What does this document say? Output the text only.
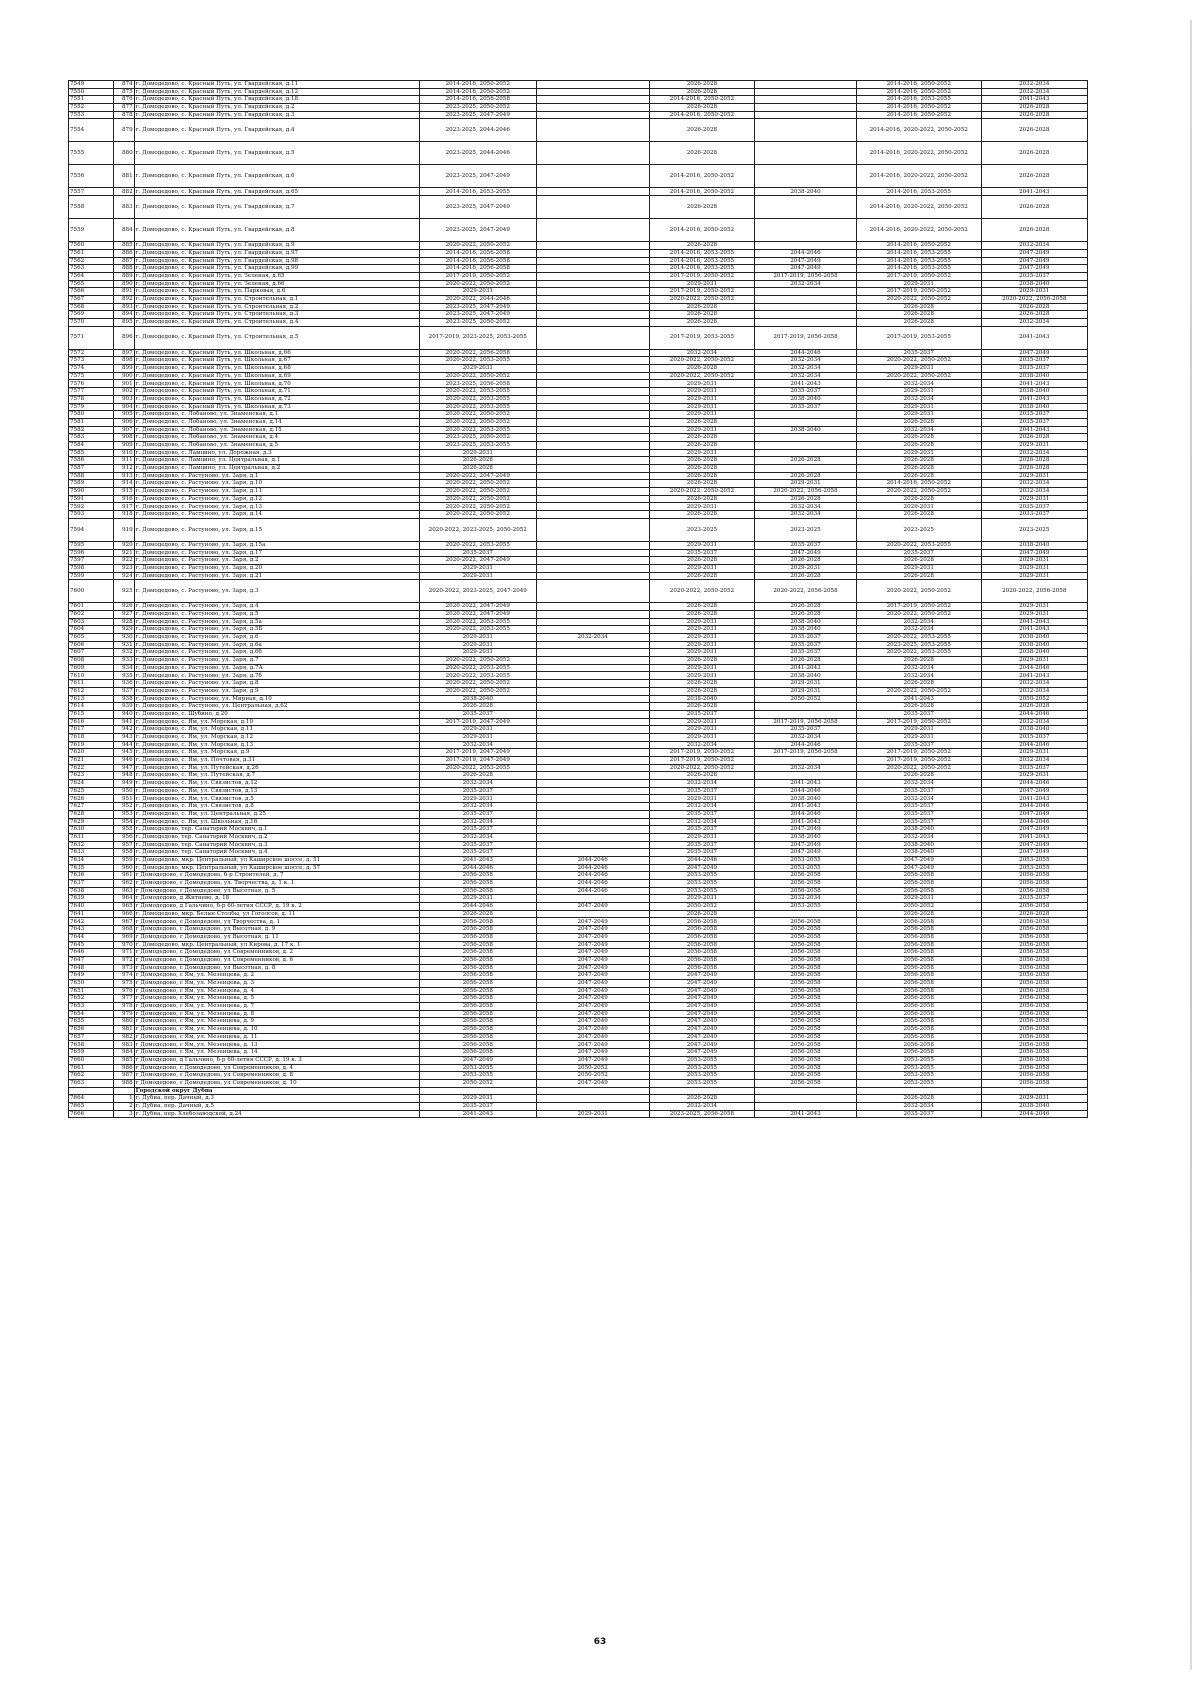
7549	874	г. Домодедово, с. Красный Путь, ул. Гвардейская, д.11	2014-2016, 2050-2052		2026-2028		2014-2016, 2050-2052	2032-2034
7550	875	г. Домодедово, с. Красный Путь, ул. Гвардейская, д.12	2014-2016, 2050-2052		2026-2028		2014-2016, 2050-2052	2032-2034
7551	876	г. Домодедово, с. Красный Путь, ул. Гвардейская, д.18	2014-2016, 2056-2058		2014-2016, 2050-2052		2014-2016, 2053-2055	2041-2043
7552	877	г. Домодедово, с. Красный Путь, ул. Гвардейская, д.2	2023-2025, 2050-2052		2026-2028		2014-2016, 2050-2052	2026-2028
7553	878	г. Домодедово, с. Красный Путь, ул. Гвардейская, д.3	2023-2025, 2047-2049		2014-2016, 2050-2052		2014-2016, 2050-2052	2026-2028
7554	879	г. Домодедово, с. Красный Путь, ул. Гвардейская, д.4	2023-2025, 2044-2046		2026-2028		2014-2016, 2020-2022, 2050-2052	2026-2028
7555	880	г. Домодедово, с. Красный Путь, ул. Гвардейская, д.5	2023-2025, 2044-2046		2026-2028		2014-2016, 2020-2022, 2050-2052	2026-2028
7556	881	г. Домодедово, с. Красный Путь, ул. Гвардейская, д.6	2023-2025, 2047-2049		2014-2016, 2050-2052		2014-2016, 2020-2022, 2050-2052	2026-2028
7557	882	г. Домодедово, с. Красный Путь, ул. Гвардейская, д.65	2014-2016, 2053-2055		2014-2016, 2050-2052	2038-2040	2014-2016, 2053-2055	2041-2043
7558	883	г. Домодедово, с. Красный Путь, ул. Гвардейская, д.7	2023-2025, 2047-2049		2026-2028		2014-2016, 2020-2022, 2050-2052	2026-2028
7559	884	г. Домодедово, с. Красный Путь, ул. Гвардейская, д.8	2023-2025, 2047-2049		2014-2016, 2050-2052		2014-2016, 2020-2022, 2050-2052	2026-2028
7560	885	г. Домодедово, с. Красный Путь, ул. Гвардейская, д.9	2020-2022, 2050-2052		2026-2028		2014-2016, 2050-2052	2032-2034
7561	886	г. Домодедово, с. Красный Путь, ул. Гвардейская, д.97	2014-2016, 2056-2058		2014-2016, 2053-2055	2044-2046	2014-2016, 2053-2055	2047-2049
7562	887	г. Домодедово, с. Красный Путь, ул. Гвардейская, д.98	2014-2016, 2056-2058		2014-2016, 2053-2055	2047-2049	2014-2016, 2053-2055	2047-2049
7563	888	г. Домодедово, с. Красный Путь, ул. Гвардейская, д.99	2014-2016, 2056-2058		2014-2016, 2053-2055	2047-2049	2014-2016, 2053-2055	2047-2049
7564	889	г. Домодедово, с. Красный Путь, ул. Зеленая, д.65	2017-2019, 2050-2052		2017-2019, 2050-2052	2017-2019, 2056-2058	2017-2019, 2050-2052	2035-2037
7565	890	г. Домодедово, с. Красный Путь, ул. Зеленая, д.66	2020-2022, 2050-2052		2029-2031	2032-2034	2029-2031	2038-2040
7566	891	г. Домодедово, с. Красный Путь, ул. Парковая, д.6	2029-2031		2017-2019, 2050-2052		2017-2019, 2050-2052	2029-2031
7567	892	г. Домодедово, с. Красный Путь, ул. Строительная, д.1	2020-2022, 2044-2046		2020-2022, 2050-2052		2020-2022, 2050-2052	2020-2022, 2056-2058
7568	893	г. Домодедово, с. Красный Путь, ул. Строительная, д.2	2023-2025, 2047-2049		2026-2028		2026-2028	2026-2028
7569	894	г. Домодедово, с. Красный Путь, ул. Строительная, д.3	2023-2025, 2047-2049		2026-2028		2026-2028	2026-2028
7570	895	г. Домодедово, с. Красный Путь, ул. Строительная, д.4	2023-2025, 2050-2052		2026-2028		2026-2028	2032-2034
7571	896	г. Домодедово, с. Красный Путь, ул. Строительная, д.5	2017-2019, 2023-2025, 2053-2055		2017-2019, 2053-2055	2017-2019, 2056-2058	2017-2019, 2053-2055	2041-2043
7572	897	г. Домодедово, с. Красный Путь, ул. Школьная, д.66	2020-2022, 2056-2058		2032-2034	2044-2046	2035-2037	2047-2049
7573	898	г. Домодедово, с. Красный Путь, ул. Школьная, д.67	2020-2022, 2053-2055		2020-2022, 2050-2052	2032-2034	2020-2022, 2050-2052	2035-2037
7574	899	г. Домодедово, с. Красный Путь, ул. Школьная, д.68	2029-2031		2026-2028	2032-2034	2029-2031	2035-2037
7575	900	г. Домодедово, с. Красный Путь, ул. Школьная, д.69	2020-2022, 2050-2052		2020-2022, 2050-2052	2032-2034	2020-2022, 2050-2052	2038-2040
7576	901	г. Домодедово, с. Красный Путь, ул. Школьная, д.70	2023-2025, 2056-2058		2029-2031	2041-2043	2032-2034	2041-2043
7577	902	г. Домодедово, с. Красный Путь, ул. Школьная, д.71	2020-2022, 2053-2055		2029-2031	2035-2037	2029-2031	2038-2040
7578	903	г. Домодедово, с. Красный Путь, ул. Школьная, д.72	2020-2022, 2053-2055		2029-2031	2038-2040	2032-2034	2041-2043
7579	904	г. Домодедово, с. Красный Путь, ул. Школьная, д.73	2020-2022, 2053-2055		2029-2031	2035-2037	2029-2031	2038-2040
7580	905	г. Домодедово, с. Лобаново, ул. Знаменская, д.1	2020-2022, 2050-2052		2029-2031		2029-2031	2035-2037
7581	906	г. Домодедово, с. Лобаново, ул. Знаменская, д.14	2020-2022, 2050-2052		2026-2028		2026-2028	2035-2037
7582	907	г. Домодедово, с. Лобаново, ул. Знаменская, д.15	2020-2022, 2053-2055		2029-2031	2038-2040	2032-2034	2041-2043
7583	908	г. Домодедово, с. Лобаново, ул. Знаменская, д.4	2023-2025, 2050-2052		2026-2028		2026-2028	2026-2028
7584	909	г. Домодедово, с. Лобаново, ул. Знаменская, д.5	2023-2025, 2053-2055		2026-2028		2026-2028	2029-2031
7585	910	г. Домодедово, с. Ламцино, ул. Дорожная, д.3	2029-2031		2029-2031		2029-2031	2032-2034
7586	911	г. Домодедово, с. Ламцино, ул. Центральная, д.1	2026-2028		2026-2028	2026-2028	2026-2028	2026-2028
7587	912	г. Домодедово, с. Ламцино, ул. Центральная, д.2	2026-2028		2026-2028		2026-2028	2026-2028
7588	913	г. Домодедово, с. Растуново, ул. Заря, д.1	2020-2022, 2047-2049		2026-2028	2026-2028	2026-2028	2029-2031
7589	914	г. Домодедово, с. Растуново, ул. Заря, д.10	2020-2022, 2050-2052		2026-2028	2029-2031	2014-2016, 2050-2052	2032-2034
7590	915	г. Домодедово, с. Растуново, ул. Заря, д.11	2020-2022, 2050-2052		2020-2022, 2050-2052	2020-2022, 2056-2058	2020-2022, 2050-2052	2032-2034
7591	916	г. Домодедово, с. Растуново, ул. Заря, д.12	2020-2022, 2050-2052		2026-2028	2026-2028	2026-2028	2029-2031
7592	917	г. Домодедово, с. Растуново, ул. Заря, д.13	2020-2022, 2050-2052		2029-2031	2032-2034	2029-2031	2035-2037
7593	918	г. Домодедово, с. Растуново, ул. Заря, д.14	2020-2022, 2050-2052		2026-2028	2032-2034	2026-2028	2033-2037
7594	919	г. Домодедово, с. Растуново, ул. Заря, д.15	2020-2022, 2023-2025, 2050-2052		2023-2025	2023-2025	2023-2025	2023-2025
7595	920	г. Домодедово, с. Растуново, ул. Заря, д.15а	2020-2022, 2053-2055		2029-2031	2035-2037	2020-2022, 2053-2055	2038-2040
7596	921	г. Домодедово, с. Растуново, ул. Заря, д.17	2035-2037		2035-2037	2047-2049	2035-2037	2047-2049
7597	922	г. Домодедово, с. Растуново, ул. Заря, д.2	2020-2022, 2047-2049		2026-2028	2026-2028	2026-2028	2029-2031
7598	923	г. Домодедово, с. Растуново, ул. Заря, д.20	2029-2031		2029-2031	2029-2031	2029-2031	2029-2031
7599	924	г. Домодедово, с. Растуново, ул. Заря, д.21	2029-2031		2026-2028	2026-2028	2026-2028	2029-2031
7600	925	г. Домодедово, с. Растуново, ул. Заря, д.3	2020-2022, 2023-2025, 2047-2049		2020-2022, 2050-2052	2020-2022, 2056-2058	2020-2022, 2050-2052	2020-2022, 2056-2058
7601	926	г. Домодедово, с. Растуново, ул. Заря, д.4	2020-2022, 2047-2049		2026-2028	2026-2028	2017-2019, 2050-2052	2029-2031
7602	927	г. Домодедово, с. Растуново, ул. Заря, д.5	2020-2022, 2047-2049		2026-2028	2026-2028	2020-2022, 2050-2052	2029-2031
7603	928	г. Домодедово, с. Растуново, ул. Заря, д.5а	2020-2022, 2053-2055		2029-2031	2038-2040	2032-2034	2041-2043
7604	929	г. Домодедово, с. Растуново, ул. Заря, д.5Б	2020-2022, 2053-2055		2029-2031	2038-2040	2032-2034	2041-2043
7605	930	г. Домодедово, с. Растуново, ул. Заря, д.6	2029-2031	2032-2034	2029-2031	2035-2037	2020-2022, 2053-2055	2038-2040
7606	931	г. Домодедово, с. Растуново, ул. Заря, д.6а	2029-2031		2029-2031	2035-2037	2023-2025, 2053-2055	2038-2040
7607	932	г. Домодедово, с. Растуново, ул. Заря, д.6б	2029-2031		2029-2031	2035-2037	2020-2022, 2053-2055	2038-2040
7608	933	г. Домодедово, с. Растуново, ул. Заря, д.7	2020-2022, 2050-2052		2026-2028	2026-2028	2026-2028	2029-2031
7609	934	г. Домодедово, с. Растуново, ул. Заря, д.7А	2020-2022, 2053-2055		2029-2031	2041-2043	2032-2034	2044-2046
7610	935	г. Домодедово, с. Растуново, ул. Заря, д.7б	2020-2022, 2053-2055		2029-2031	2038-2040	2032-2034	2041-2043
7611	936	г. Домодедово, с. Растуново, ул. Заря, д.8	2020-2022, 2050-2052		2026-2028	2029-2031	2026-2028	2032-2034
7612	937	г. Домодедово, с. Растуново, ул. Заря, д.9	2020-2022, 2050-2052		2026-2028	2029-2031	2020-2022, 2050-2052	2032-2034
7613	938	г. Домодедово, с. Растуново, ул. Мирная, д.10	2038-2040		2038-2040	2050-2052	2041-2043	2050-2052
7614	939	г. Домодедово, с. Растуново, ул. Центральная, д.62	2026-2028		2026-2028		2026-2028	2026-2028
7615	940	г. Домодедово, с. Шубино, д.20	2035-2037		2035-2037		2035-2037	2044-2046
7616	941	г. Домодедово, с. Ям, ул. Морская, д.10	2017-2019, 2047-2049		2029-2031	2017-2019, 2056-2058	2017-2019, 2050-2052	2032-2034
7617	942	г. Домодедово, с. Ям, ул. Морская, д.11	2029-2031		2029-2031	2035-2037	2029-2031	2038-2040
7618	943	г. Домодедово, с. Ям, ул. Морская, д.12	2029-2031		2029-2031	2032-2034	2029-2031	2035-2037
7619	944	г. Домодедово, с. Ям, ул. Морская, д.13	2032-2034		2032-2034	2044-2046	2035-2037	2044-2046
7620	945	г. Домодедово, с. Ям, ул. Морская, д.9	2017-2019, 2047-2049		2017-2019, 2050-2052	2017-2019, 2056-2058	2017-2019, 2050-2052	2029-2031
7621	946	г. Домодедово, с. Ям, ул. Почтовая, д.31	2017-2019, 2047-2049		2017-2019, 2050-2052		2017-2019, 2050-2052	2032-2034
7622	947	г. Домодедово, с. Ям, ул. Путейская, д.26	2020-2022, 2053-2055		2020-2022, 2050-2052	2032-2034	2020-2022, 2050-2052	2035-2037
7623	948	г. Домодедово, с. Ям, ул. Путейская, д.7	2026-2028		2026-2028		2026-2028	2029-2031
7624	949	г. Домодедово, с. Ям, ул. Связистов, д.12	2032-2034		2032-2034	2041-2043	2032-2034	2044-2046
7625	950	г. Домодедово, с. Ям, ул. Связистов, д.13	2035-2037		2035-2037	2044-2046	2035-2037	2047-2049
7626	951	г. Домодедово, с. Ям, ул. Связистов, д.5	2029-2031		2029-2031	2038-2040	2032-2034	2041-2043
7627	952	г. Домодедово, с. Ям, ул. Связистов, д.8	2032-2034		2032-2034	2041-2043	2035-2037	2044-2046
7628	953	г. Домодедово, с. Ям, ул. Центральная, д.25	2035-2037		2035-2037	2044-2046	2035-2037	2047-2049
7629	954	г. Домодедово, с. Ям, ул. Школьная, д.16	2032-2034		2032-2034	2041-2043	2035-2037	2044-2046
7630	955	г. Домодедово, тер. Санаторий Москвич, д.1	2035-2037		2035-2037	2047-2049	2038-2040	2047-2049
7631	956	г. Домодедово, тер. Санаторий Москвич, д.2	2032-2034		2029-2031	2038-2040	2032-2034	2041-2043
7632	957	г. Домодедово, тер. Санаторий Москвич, д.3	2035-2037		2035-2037	2047-2049	2038-2040	2047-2049
7633	958	г. Домодедово, тер. Санаторий Москвич, д.4	2035-2037		2035-2037	2047-2049	2038-2040	2047-2049
7634	959	г. Домодедово, мкр. Центральный, ул Каширское шоссе, д. 51	2041-2043	2044-2046	2044-2046	2053-2055	2047-2049	2053-2055
7635	960	г. Домодедово, мкр. Центральный, ул Каширское шоссе, д. 57	2044-2046	2044-2046	2047-2049	2053-2055	2047-2049	2053-2055
7636	961	г Домодедово, с Домодедово, б-р Строителей, д. 7	2056-2058	2044-2046	2053-2055	2056-2058	2056-2058	2056-2058
7637	962	г Домодедово, с Домодедово, ул. Творчества, д. 1 к. 1	2056-2058	2044-2046	2053-2055	2056-2058	2056-2058	2056-2058
7638	963	г Домодедово, с Домодедово, ул Высотная, д. 5	2056-2058	2044-2046	2053-2055	2056-2058	2056-2058	2056-2058
7639	964	г Домодедово, д Житнево, д. 18	2029-2031		2029-2031	2032-2034	2029-2031	2035-2037
7640	965	г Домодедово, д Гальчино, б-р 60-летия СССР, д. 19 к. 2	2044-2046	2047-2049	2050-2052	2053-2055	2050-2052	2056-2058
7641	966	г. Домодедово, мкр. Белые Столбы, ул Гоголсов, д. 11	2026-2028		2026-2028		2026-2028	2026-2028
7642	967	г Домодедово, с Домодедово, ул Творчества, д. 1	2056-2058	2047-2049	2056-2058	2056-2058	2056-2058	2056-2058
7643	968	г Домодедово, с Домодедово, ул Высотная, д. 9	2056-2058	2047-2049	2056-2058	2056-2058	2056-2058	2056-2058
7644	969	г Домодедово, с Домодедово, ул Высотная, д. 11	2056-2058	2047-2049	2056-2058	2056-2058	2056-2058	2056-2058
7645	970	г. Домодедово, мкр. Центральный, ул Кирова, д. 17 к. 1	2056-2058	2047-2049	2056-2058	2056-2058	2056-2058	2056-2058
7646	971	г Домодедово, с Домодедово, ул Современников, д. 2	2056-2058	2047-2049	2056-2058	2056-2058	2056-2058	2056-2058
7647	972	г Домодедово, с Домодедово, ул Современников, д. 6	2056-2058	2047-2049	2056-2058	2056-2058	2056-2058	2056-2058
7648	973	г Домодедово, с Домодедово, ул Высотная, д. 8	2056-2058	2047-2049	2056-2058	2056-2058	2056-2058	2056-2058
7649	974	г Домодедово, с Ям, ул. Мезенцева, д. 2	2056-2058	2047-2049	2047-2049	2056-2058	2056-2058	2056-2058
7650	975	г Домодедово, с Ям, ул. Мезенцева, д. 3	2056-2058	2047-2049	2047-2049	2056-2058	2056-2058	2056-2058
7651	976	г Домодедово, с Ям, ул. Мезенцева, д. 4	2056-2058	2047-2049	2047-2049	2056-2058	2056-2058	2056-2058
7652	977	г Домодедово, с Ям, ул. Мезенцева, д. 5	2056-2058	2047-2049	2047-2049	2056-2058	2056-2058	2056-2058
7653	978	г Домодедово, с Ям, ул. Мезенцева, д. 7	2056-2058	2047-2049	2047-2049	2056-2058	2056-2058	2056-2058
7654	979	г Домодедово, с Ям, ул. Мезенцева, д. 8	2056-2058	2047-2049	2047-2049	2056-2058	2056-2058	2056-2058
7655	980	г Домодедово, с Ям, ул. Мезенцева, д. 9	2056-2058	2047-2049	2047-2049	2056-2058	2056-2058	2056-2058
7656	981	г Домодедово, с Ям, ул. Мезенцева, д. 10	2056-2058	2047-2049	2047-2049	2056-2058	2056-2058	2056-2058
7657	982	г Домодедово, с Ям, ул. Мезенцева, д. 11	2056-2058	2047-2049	2047-2049	2056-2058	2056-2058	2056-2058
7658	983	г Домодедово, с Ям, ул. Мезенцева, д. 13	2056-2058	2047-2049	2047-2049	2056-2058	2056-2058	2056-2058
7659	984	г Домодедово, с Ям, ул. Мезенцева, д. 14	2056-2058	2047-2049	2047-2049	2056-2058	2056-2058	2056-2058
7660	985	г Домодедово, д Гальчино, б-р 60-летия СССР, д. 19 к. 3	2047-2049	2047-2049	2053-2055	2056-2058	2053-2055	2056-2058
7661	986	г Домодедово, с Домодедово, ул Современников, д. 4	2053-2055	2050-2052	2053-2055	2056-2058	2053-2055	2056-2058
7662	987	г Домодедово, с Домодедово, ул Современников, д. 8	2053-2055	2050-2052	2053-2055	2056-2058	2053-2055	2056-2058
7663	988	г Домодедово, с Домодедово, ул Современников, д. 10	2050-2052	2047-2049	2053-2055	2056-2058	2053-2055	2056-2058
		Городской округ Дубна						
7664	1	г. Дубна, пер. Дачный, д.3	2029-2031		2026-2028		2026-2028	2029-2031
7665	2	г. Дубна, пер. Дачный, д.5	2035-2037		2032-2034		2032-2034	2038-2040
7666	3	г. Дубна, пер. Хлебозаводской, д.24	2041-2043	2029-2031	2023-2025, 2056-2058	2041-2043	2035-2037	2044-2046
63
